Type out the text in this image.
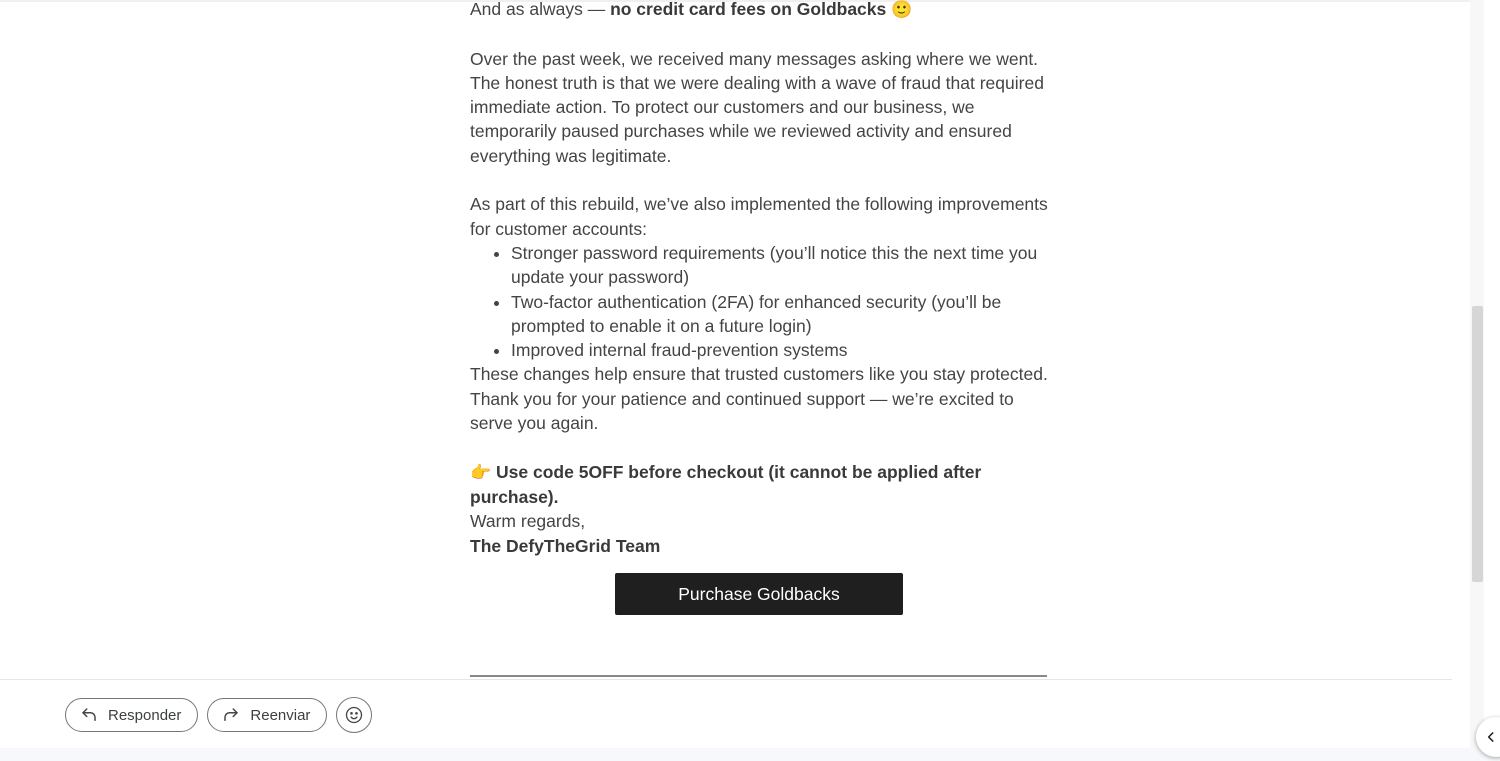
And as always — no credit card fees on Goldbacks 🙂

Over the past week, we received many messages asking where we went. The honest truth is that we were dealing with a wave of fraud that required immediate action. To protect our customers and our business, we temporarily paused purchases while we reviewed activity and ensured everything was legitimate.

As part of this rebuild, we’ve also implemented the following improvements for customer accounts:

• Stronger password requirements (you’ll notice this the next time you update your password)
• Two-factor authentication (2FA) for enhanced security (you’ll be prompted to enable it on a future login)
• Improved internal fraud-prevention systems

These changes help ensure that trusted customers like you stay protected. Thank you for your patience and continued support — we’re excited to serve you again.

👉 Use code 5OFF before checkout (it cannot be applied after purchase).

Warm regards,

The DefyTheGrid Team

Purchase Goldbacks
Responder	Reenviar
